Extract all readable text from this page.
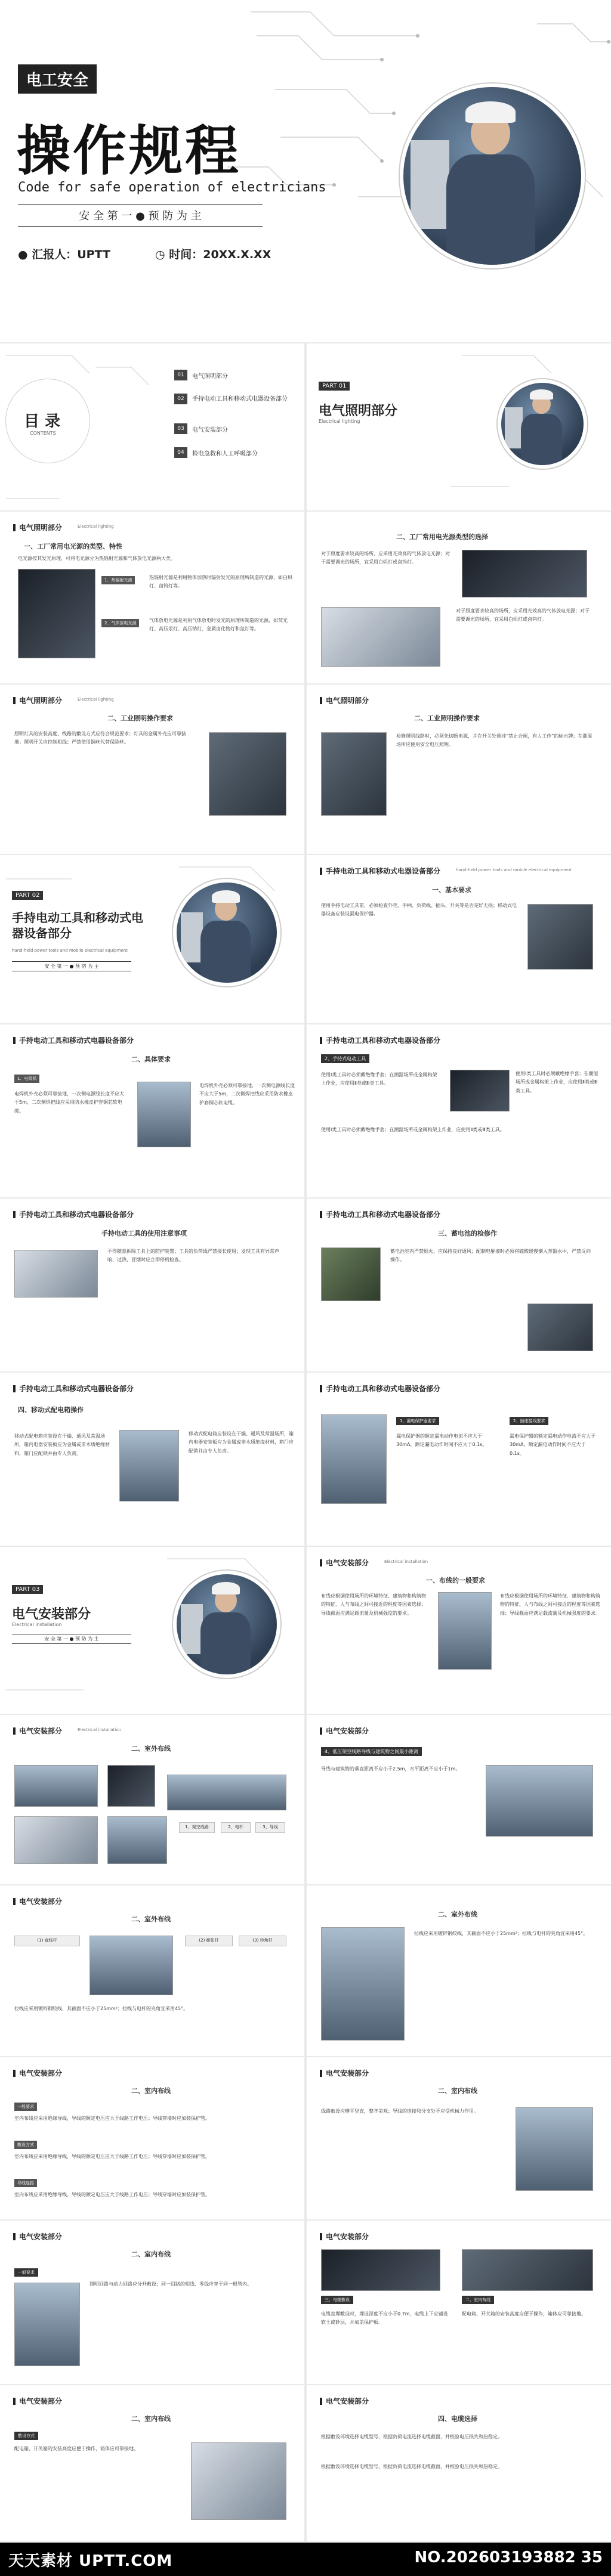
电工安全
操作规程
Code for safe operation of electricians
安 全 第 一 ● 预 防 为 主
● 汇报人：UPTT	◷ 时间：20XX.X.XX
目 录
CONTENTS
01	电气照明部分
02	手持电动工具和移动式电器设备部分
03	电气安装部分
04	检电急救和人工呼吸部分
PART 01
电气照明部分
Electrical lighting
电气照明部分	Electrical lighting
一、工厂常用电光源的类型、特性
电光源按其发光原理，可将电光源分为热辐射光源和气体放电光源两大类。
1、热辐射光源	热辐射光源是利用物体加热时辐射发光的原理所制造的光源，如白炽灯、卤钨灯等。
2、气体放电光源	气体放电光源是利用气体放电时发光的原理所制造的光源，如荧光灯、高压汞灯、高压钠灯、金属卤化物灯和氙灯等。
二、工厂常用电光源类型的选择
对于照度要求较高的场所，应采用光效高的气体放电光源；对于需要调光的场所，宜采用白炽灯或卤钨灯。
对于照度要求较高的场所，应采用光效高的气体放电光源；对于需要调光的场所，宜采用白炽灯或卤钨灯。
电气照明部分	Electrical lighting
二、工业照明操作要求
照明灯具的安装高度、线路的敷设方式应符合规范要求；灯具的金属外壳应可靠接地；照明开关应控制相线；严禁使用铜丝代替保险丝。
电气照明部分
二、工业照明操作要求
检修照明线路时，必须先切断电源，并在开关处悬挂“禁止合闸，有人工作”的标示牌；在潮湿场所应使用安全电压照明。
PART 02
手持电动工具和移动式电器设备部分
hand-held power tools and mobile electrical equipment
安 全 第 一 ● 预 防 为 主
手持电动工具和移动式电器设备部分	hand-held power tools and mobile electrical equipment
一、基本要求
使用手持电动工具前，必须检查外壳、手柄、负荷线、插头、开关等是否完好无损；移动式电器设备应装设漏电保护器。
手持电动工具和移动式电器设备部分
二、具体要求
1、电焊机
电焊机外壳必须可靠接地，一次侧电源线长度不应大于5m，二次侧焊把线应采用防水橡皮护套铜芯软电缆。
电焊机外壳必须可靠接地，一次侧电源线长度不应大于5m，二次侧焊把线应采用防水橡皮护套铜芯软电缆。
手持电动工具和移动式电器设备部分
2、手持式电动工具
使用Ⅰ类工具时必须戴绝缘手套；在潮湿场所或金属构架上作业，应使用Ⅱ类或Ⅲ类工具。
使用Ⅰ类工具时必须戴绝缘手套；在潮湿场所或金属构架上作业，应使用Ⅱ类或Ⅲ类工具。
使用Ⅰ类工具时必须戴绝缘手套；在潮湿场所或金属构架上作业，应使用Ⅱ类或Ⅲ类工具。
手持电动工具和移动式电器设备部分
手持电动工具的使用注意事项
不得随意拆除工具上的防护装置；工具的负荷线严禁接长使用；发现工具有异常声响、过热、冒烟时应立即停机检查。
手持电动工具和移动式电器设备部分
三、蓄电池的检修作
蓄电池室内严禁烟火，应保持良好通风；配制电解液时必须将硫酸缓慢倒入蒸馏水中，严禁反向操作。
手持电动工具和移动式电器设备部分
四、移动式配电箱操作
移动式配电箱应装设在干燥、通风及常温场所，箱内电器安装板应为金属或非木质绝缘材料，箱门应配锁并由专人负责。
移动式配电箱应装设在干燥、通风及常温场所，箱内电器安装板应为金属或非木质绝缘材料，箱门应配锁并由专人负责。
手持电动工具和移动式电器设备部分
1、漏电保护器要求	2、插座接线要求
漏电保护器的额定漏电动作电流不应大于30mA，额定漏电动作时间不应大于0.1s。
漏电保护器的额定漏电动作电流不应大于30mA，额定漏电动作时间不应大于0.1s。
PART 03
电气安装部分
Electrical installation
安 全 第 一 ● 预 防 为 主
电气安装部分	Electrical installation
一、布线的一般要求
布线应根据使用场所的环境特征、建筑物和构筑物的特征、人与布线之间可接近的程度等因素选择；导线截面应满足载流量及机械强度的要求。
布线应根据使用场所的环境特征、建筑物和构筑物的特征、人与布线之间可接近的程度等因素选择；导线截面应满足载流量及机械强度的要求。
电气安装部分	Electrical installation
二、室外布线
1、架空线路	2、电杆	3、导线
电气安装部分
4、低压架空线路导线与建筑物之间最小距离
导线与建筑物的垂直距离不应小于2.5m，水平距离不应小于1m。
电气安装部分
二、室外布线
(1) 直线杆	(2) 耐张杆	(3) 转角杆
拉线应采用镀锌钢绞线，其截面不应小于25mm²；拉线与电杆的夹角宜采用45°。
二、室外布线
拉线应采用镀锌钢绞线，其截面不应小于25mm²；拉线与电杆的夹角宜采用45°。
电气安装部分
二、室内布线
一般要求
室内布线应采用绝缘导线，导线的额定电压应大于线路工作电压；导线穿墙时应加装保护管。
敷设方式
室内布线应采用绝缘导线，导线的额定电压应大于线路工作电压；导线穿墙时应加装保护管。
导线连接
室内布线应采用绝缘导线，导线的额定电压应大于线路工作电压；导线穿墙时应加装保护管。
电气安装部分
二、室内布线
线路敷设应横平竖直，整齐美观；导线的连接和分支处不应受机械力作用。
电气安装部分
二、室内布线
一般要求
照明回路与动力回路应分开敷设；同一回路的相线、零线应穿于同一根管内。
电气安装部分
三、电缆敷设	二、室内布线
电缆直埋敷设时，埋设深度不应小于0.7m，电缆上下应铺设软土或砂层，并加盖保护板。
配电箱、开关箱的安装高度应便于操作，箱体应可靠接地。
电气安装部分
二、室内布线
敷设方式
配电箱、开关箱的安装高度应便于操作，箱体应可靠接地。
电气安装部分
四、电缆选择
根据敷设环境选择电缆型号，根据负荷电流选择电缆截面，并校验电压损失和热稳定。
根据敷设环境选择电缆型号，根据负荷电流选择电缆截面，并校验电压损失和热稳定。
天天素材 UPTT.COM	NO.202603193882 35
